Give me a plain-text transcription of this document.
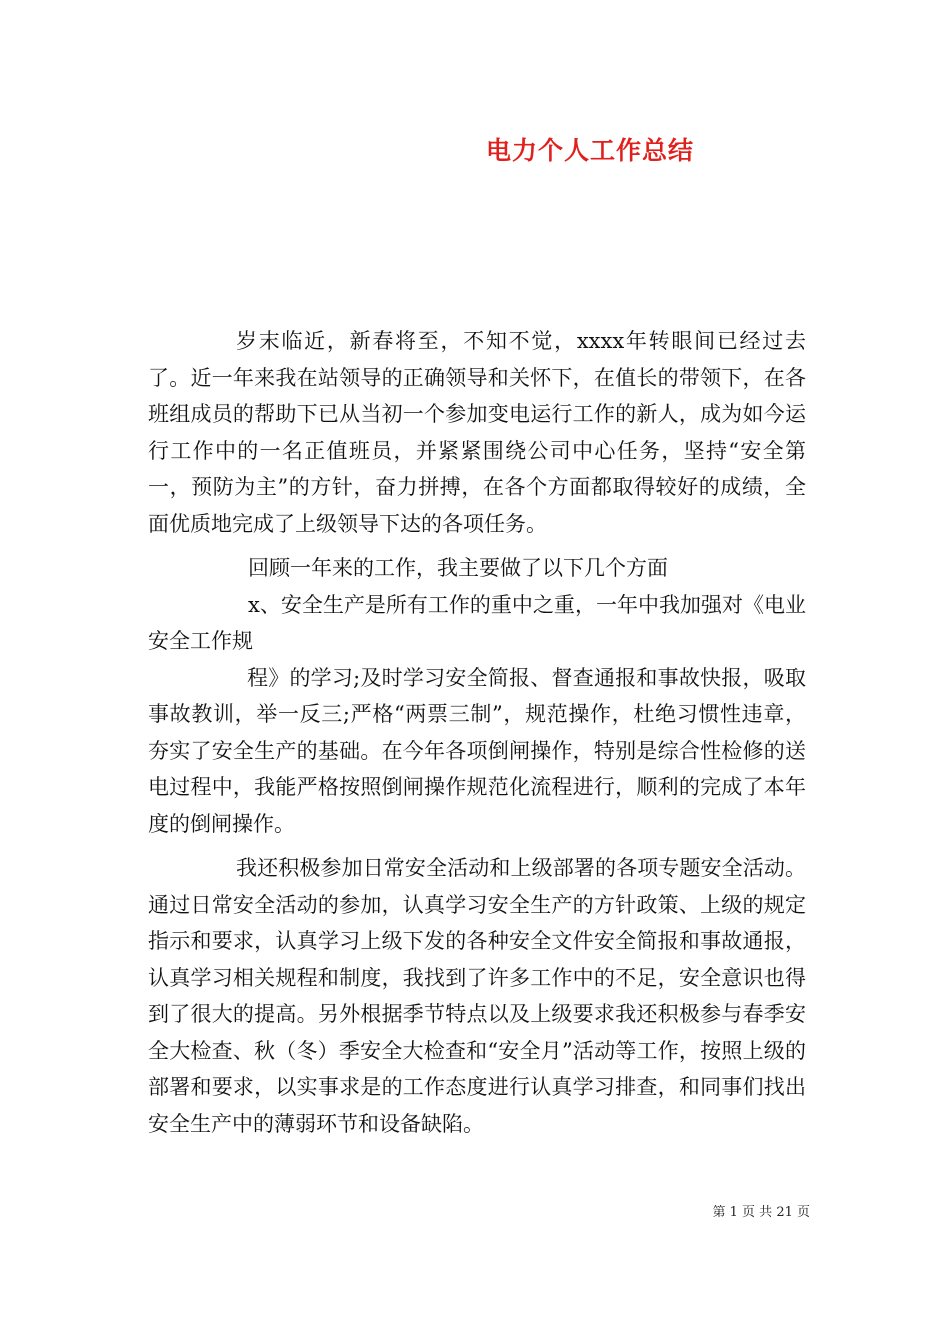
电力个人工作总结

岁末临近，新春将至，不知不觉，xxxx年转眼间已经过去了。近一年来我在站领导的正确领导和关怀下，在值长的带领下，在各班组成员的帮助下已从当初一个参加变电运行工作的新人，成为如今运行工作中的一名正值班员，并紧紧围绕公司中心任务，坚持“安全第一，预防为主”的方针，奋力拼搏，在各个方面都取得较好的成绩，全面优质地完成了上级领导下达的各项任务。

回顾一年来的工作，我主要做了以下几个方面

x、安全生产是所有工作的重中之重，一年中我加强对《电业安全工作规

程》的学习;及时学习安全简报、督查通报和事故快报，吸取事故教训，举一反三;严格“两票三制”，规范操作，杜绝习惯性违章，夯实了安全生产的基础。在今年各项倒闸操作，特别是综合性检修的送电过程中，我能严格按照倒闸操作规范化流程进行，顺利的完成了本年度的倒闸操作。

我还积极参加日常安全活动和上级部署的各项专题安全活动。通过日常安全活动的参加，认真学习安全生产的方针政策、上级的规定指示和要求，认真学习上级下发的各种安全文件安全简报和事故通报，认真学习相关规程和制度，我找到了许多工作中的不足，安全意识也得到了很大的提高。另外根据季节特点以及上级要求我还积极参与春季安全大检查、秋（冬）季安全大检查和“安全月”活动等工作，按照上级的部署和要求，以实事求是的工作态度进行认真学习排查，和同事们找出安全生产中的薄弱环节和设备缺陷。

第 1 页 共 21 页
